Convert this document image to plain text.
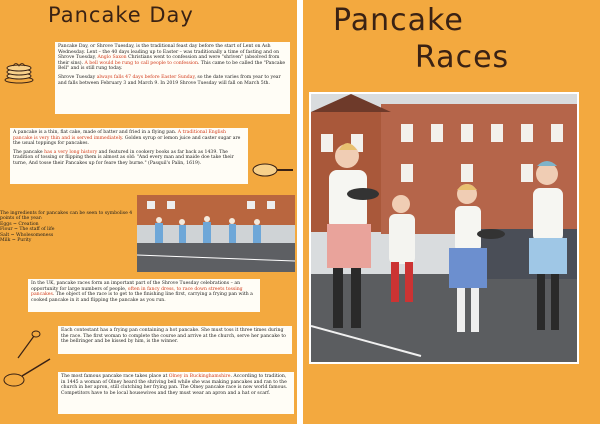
Pancake Day

Pancake Day, or Shrove Tuesday, is the traditional feast day before the start of Lent on Ash Wednesday. Lent – the 40 days leading up to Easter – was traditionally a time of fasting and on Shrove Tuesday, Anglo Saxon Christians went to confession and were "shriven" (absolved from their sins). A bell would be rung to call people to confession. This came to be called the "Pancake Bell" and is still rung today.

Shrove Tuesday always falls 47 days before Easter Sunday, so the date varies from year to year and falls between February 3 and March 9. In 2019 Shrove Tuesday will fall on March 5th.

A pancake is a thin, flat cake, made of batter and fried in a flying pan. A traditional English pancake is very thin and is served immediately. Golden syrup or lemon juice and caster sugar are the usual toppings for pancakes.

The pancake has a very long history and featured in cookery books as far back as 1439. The tradition of tossing or flipping them is almost as old: "And every man and maide doe take their turne, And tosse their Pancakes up for feare they burne." (Pasquil's Palin, 1619).

The ingredients for pancakes can be seen to symbolise 4 points of the year:
Eggs ~ Creation
Flour ~ The staff of life
Salt ~ Wholesomeness
Milk ~ Purity
In the UK, pancake races form an important part of the Shrove Tuesday celebrations – an opportunity for large numbers of people, often in fancy dress, to race down streets tossing pancakes. The object of the race is to get to the finishing line first, carrying a frying pan with a cooked pancake in it and flipping the pancake as you run.
Each contestant has a frying pan containing a hot pancake. She must toss it three times during the race. The first woman to complete the course and arrive at the church, serve her pancake to the bellringer and be kissed by him, is the winner.
The most famous pancake race takes place at Olney in Buckinghamshire. According to tradition, in 1445 a woman of Olney heard the shriving bell while she was making pancakes and ran to the church in her apron, still clutching her frying pan. The Olney pancake race is now world famous. Competitors have to be local housewives and they must wear an apron and a hat or scarf.
Pancake
Races
